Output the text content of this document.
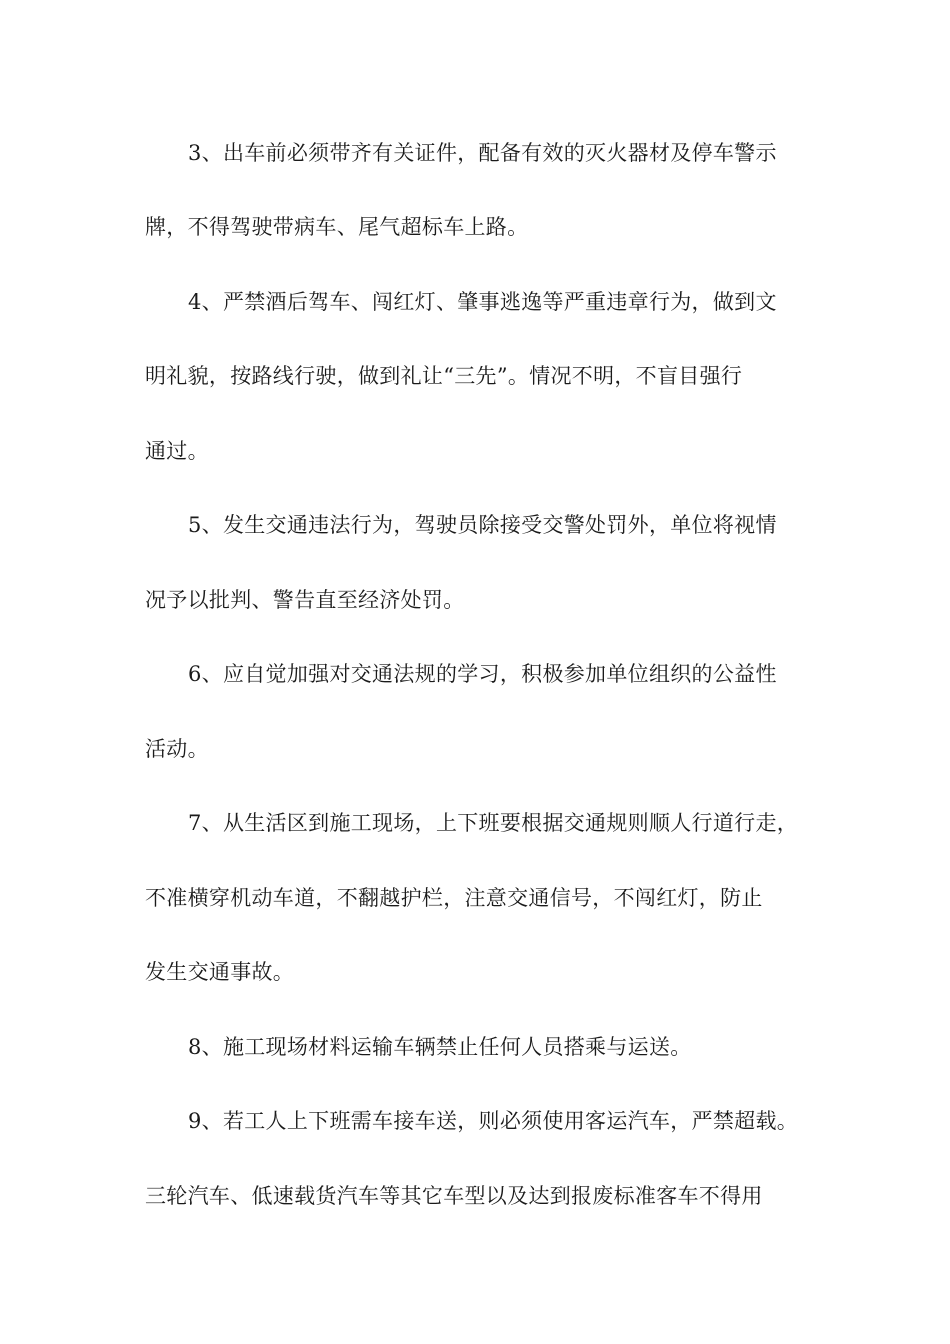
3、出车前必须带齐有关证件，配备有效的灭火器材及停车警示
牌，不得驾驶带病车、尾气超标车上路。
4、严禁酒后驾车、闯红灯、肇事逃逸等严重违章行为，做到文
明礼貌，按路线行驶，做到礼让“三先”。情况不明，不盲目强行
通过。
5、发生交通违法行为，驾驶员除接受交警处罚外，单位将视情
况予以批判、警告直至经济处罚。
6、应自觉加强对交通法规的学习，积极参加单位组织的公益性
活动。
7、从生活区到施工现场，上下班要根据交通规则顺人行道行走，
不准横穿机动车道，不翻越护栏，注意交通信号，不闯红灯，防止
发生交通事故。
8、施工现场材料运输车辆禁止任何人员搭乘与运送。
9、若工人上下班需车接车送，则必须使用客运汽车，严禁超载。
三轮汽车、低速载货汽车等其它车型以及达到报废标准客车不得用
